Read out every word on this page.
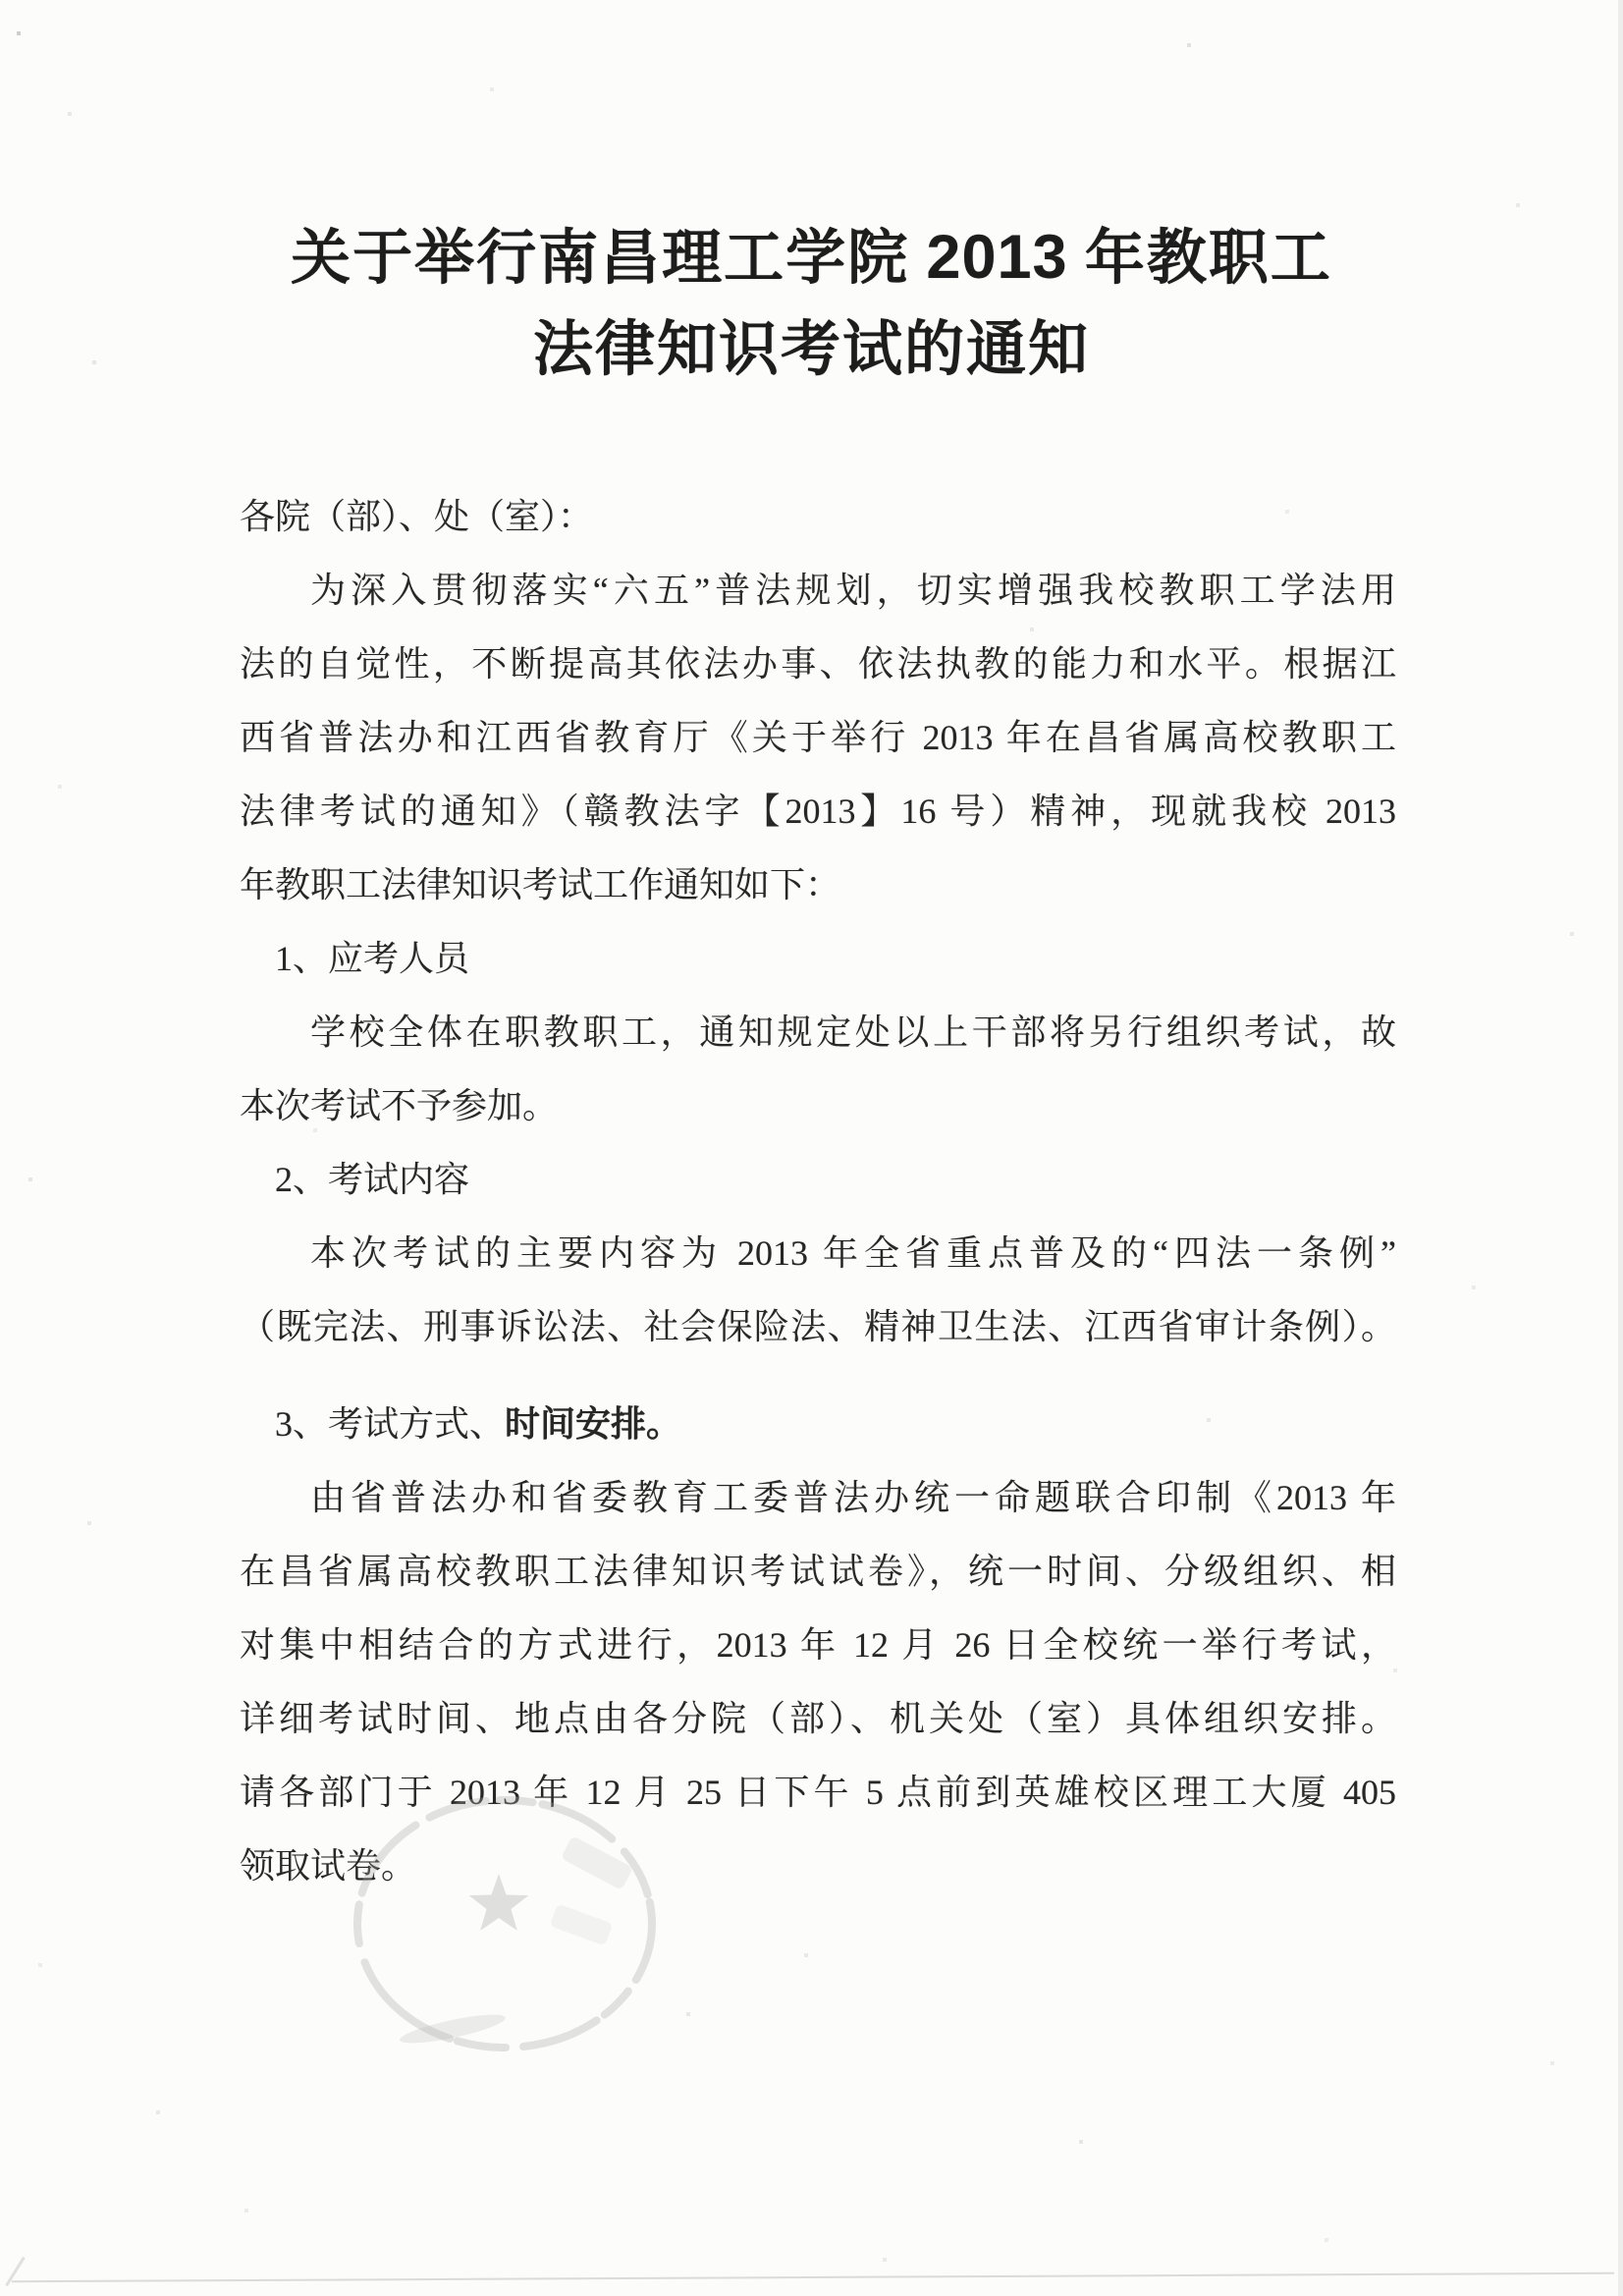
关于举行南昌理工学院 2013 年教职工
法律知识考试的通知
各院（部）、处（室）：
为深入贯彻落实“六五”普法规划，切实增强我校教职工学法用
法的自觉性，不断提高其依法办事、依法执教的能力和水平。根据江
西省普法办和江西省教育厅《关于举行 2013 年在昌省属高校教职工
法律考试的通知》（赣教法字【2013】16 号）精神，现就我校 2013
年教职工法律知识考试工作通知如下：
1、应考人员
学校全体在职教职工，通知规定处以上干部将另行组织考试，故
本次考试不予参加。
2、考试内容
本次考试的主要内容为 2013 年全省重点普及的“四法一条例”
（既完法、刑事诉讼法、社会保险法、精神卫生法、江西省审计条例）。
3、考试方式、时间安排。
由省普法办和省委教育工委普法办统一命题联合印制《2013 年
在昌省属高校教职工法律知识考试试卷》，统一时间、分级组织、相
对集中相结合的方式进行，2013 年 12 月 26 日全校统一举行考试，
详细考试时间、地点由各分院（部）、机关处（室）具体组织安排。
请各部门于 2013 年 12 月 25 日下午 5 点前到英雄校区理工大厦 405
领取试卷。
